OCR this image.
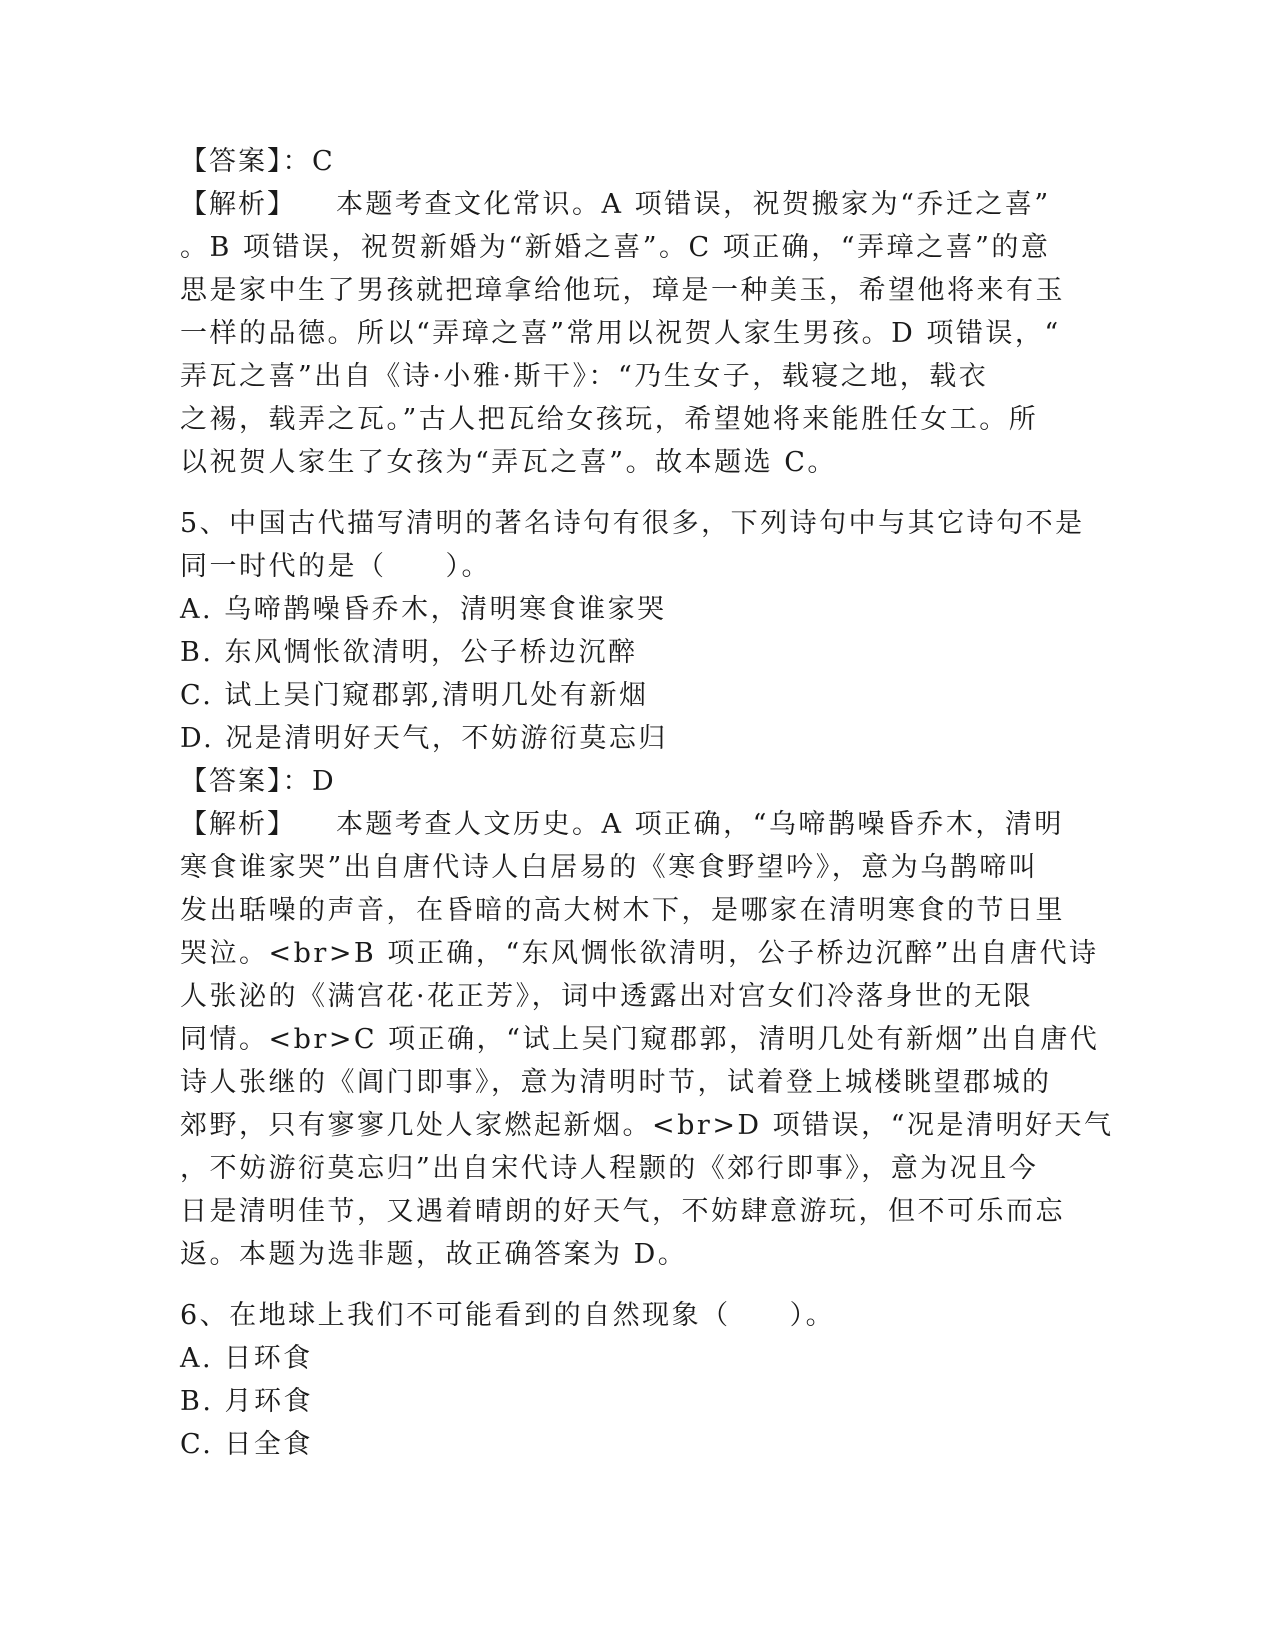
【答案】：C
【解析】 本题考查文化常识。A 项错误，祝贺搬家为“乔迁之喜”
。B 项错误，祝贺新婚为“新婚之喜”。C 项正确，“弄璋之喜”的意
思是家中生了男孩就把璋拿给他玩，璋是一种美玉，希望他将来有玉
一样的品德。所以“弄璋之喜”常用以祝贺人家生男孩。D 项错误，“
弄瓦之喜”出自《诗·小雅·斯干》：“乃生女子，载寝之地，载衣
之裼，载弄之瓦。”古人把瓦给女孩玩，希望她将来能胜任女工。所
以祝贺人家生了女孩为“弄瓦之喜”。故本题选 C。
5、中国古代描写清明的著名诗句有很多，下列诗句中与其它诗句不是
同一时代的是（　　）。
A. 乌啼鹊噪昏乔木，清明寒食谁家哭
B. 东风惆怅欲清明，公子桥边沉醉
C. 试上吴门窥郡郭,清明几处有新烟
D. 况是清明好天气，不妨游衍莫忘归
【答案】：D
【解析】 本题考查人文历史。A 项正确，“乌啼鹊噪昏乔木，清明
寒食谁家哭”出自唐代诗人白居易的《寒食野望吟》，意为乌鹊啼叫
发出聒噪的声音，在昏暗的高大树木下，是哪家在清明寒食的节日里
哭泣。<br>B 项正确，“东风惆怅欲清明，公子桥边沉醉”出自唐代诗
人张泌的《满宫花·花正芳》，词中透露出对宫女们冷落身世的无限
同情。<br>C 项正确，“试上吴门窥郡郭，清明几处有新烟”出自唐代
诗人张继的《阊门即事》，意为清明时节，试着登上城楼眺望郡城的
郊野，只有寥寥几处人家燃起新烟。<br>D 项错误，“况是清明好天气
，不妨游衍莫忘归”出自宋代诗人程颢的《郊行即事》，意为况且今
日是清明佳节，又遇着晴朗的好天气，不妨肆意游玩，但不可乐而忘
返。本题为选非题，故正确答案为 D。
6、在地球上我们不可能看到的自然现象（　　）。
A. 日环食
B. 月环食
C. 日全食
